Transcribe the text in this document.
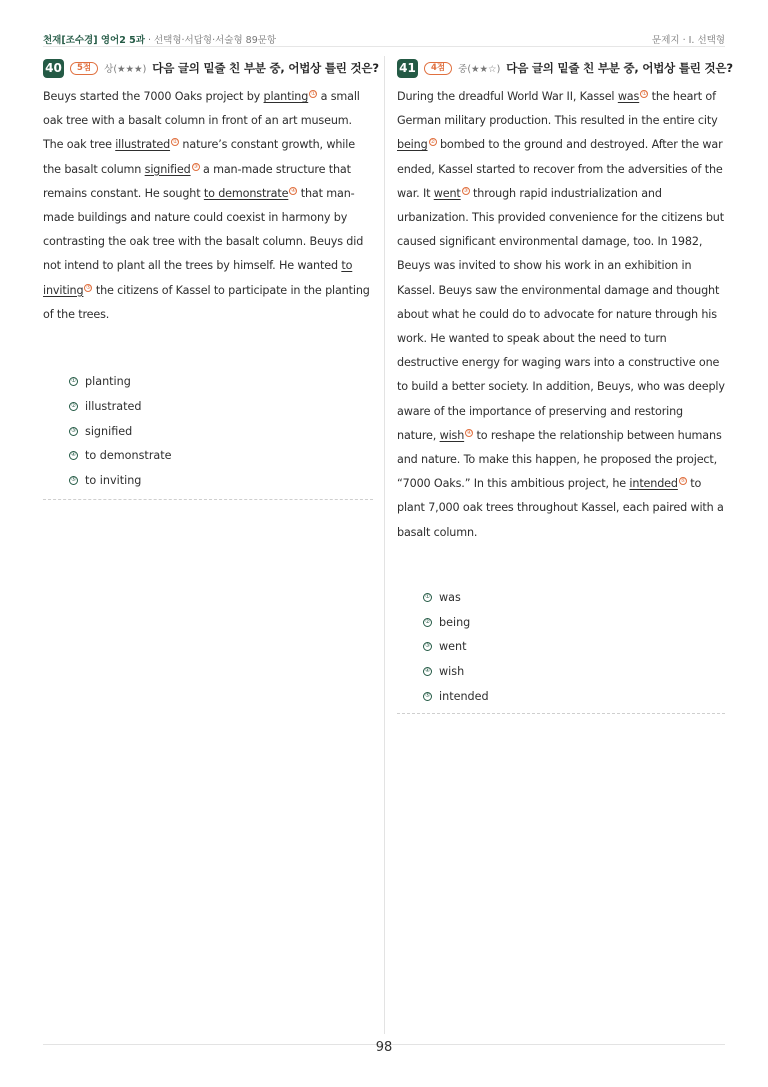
천재[조수경] 영어2 5과 · 선택형·서답형·서술형 89문항	문제지 · I. 선택형
40	5점	상(★★★) 다음 글의 밑줄 친 부분 중, 어법상 틀린 것은?
Beuys started the 7000 Oaks project by planting ① a small oak tree with a basalt column in front of an art museum. The oak tree illustrated ② nature’s constant growth, while the basalt column signified ③ a man-made structure that remains constant. He sought to demonstrate ④ that man-made buildings and nature could coexist in harmony by contrasting the oak tree with the basalt column. Beuys did not intend to plant all the trees by himself. He wanted to inviting ⑤ the citizens of Kassel to participate in the planting of the trees.
① planting
② illustrated
③ signified
④ to demonstrate
⑤ to inviting
41	4점	중(★★☆) 다음 글의 밑줄 친 부분 중, 어법상 틀린 것은?
During the dreadful World War II, Kassel was ① the heart of German military production. This resulted in the entire city being ② bombed to the ground and destroyed. After the war ended, Kassel started to recover from the adversities of the war. It went ③ through rapid industrialization and urbanization. This provided convenience for the citizens but caused significant environmental damage, too. In 1982, Beuys was invited to show his work in an exhibition in Kassel. Beuys saw the environmental damage and thought about what he could do to advocate for nature through his work. He wanted to speak about the need to turn destructive energy for waging wars into a constructive one to build a better society. In addition, Beuys, who was deeply aware of the importance of preserving and restoring nature, wish ④ to reshape the relationship between humans and nature. To make this happen, he proposed the project, “7000 Oaks.” In this ambitious project, he intended ⑤ to plant 7,000 oak trees throughout Kassel, each paired with a basalt column.
① was
② being
③ went
④ wish
⑤ intended
98
